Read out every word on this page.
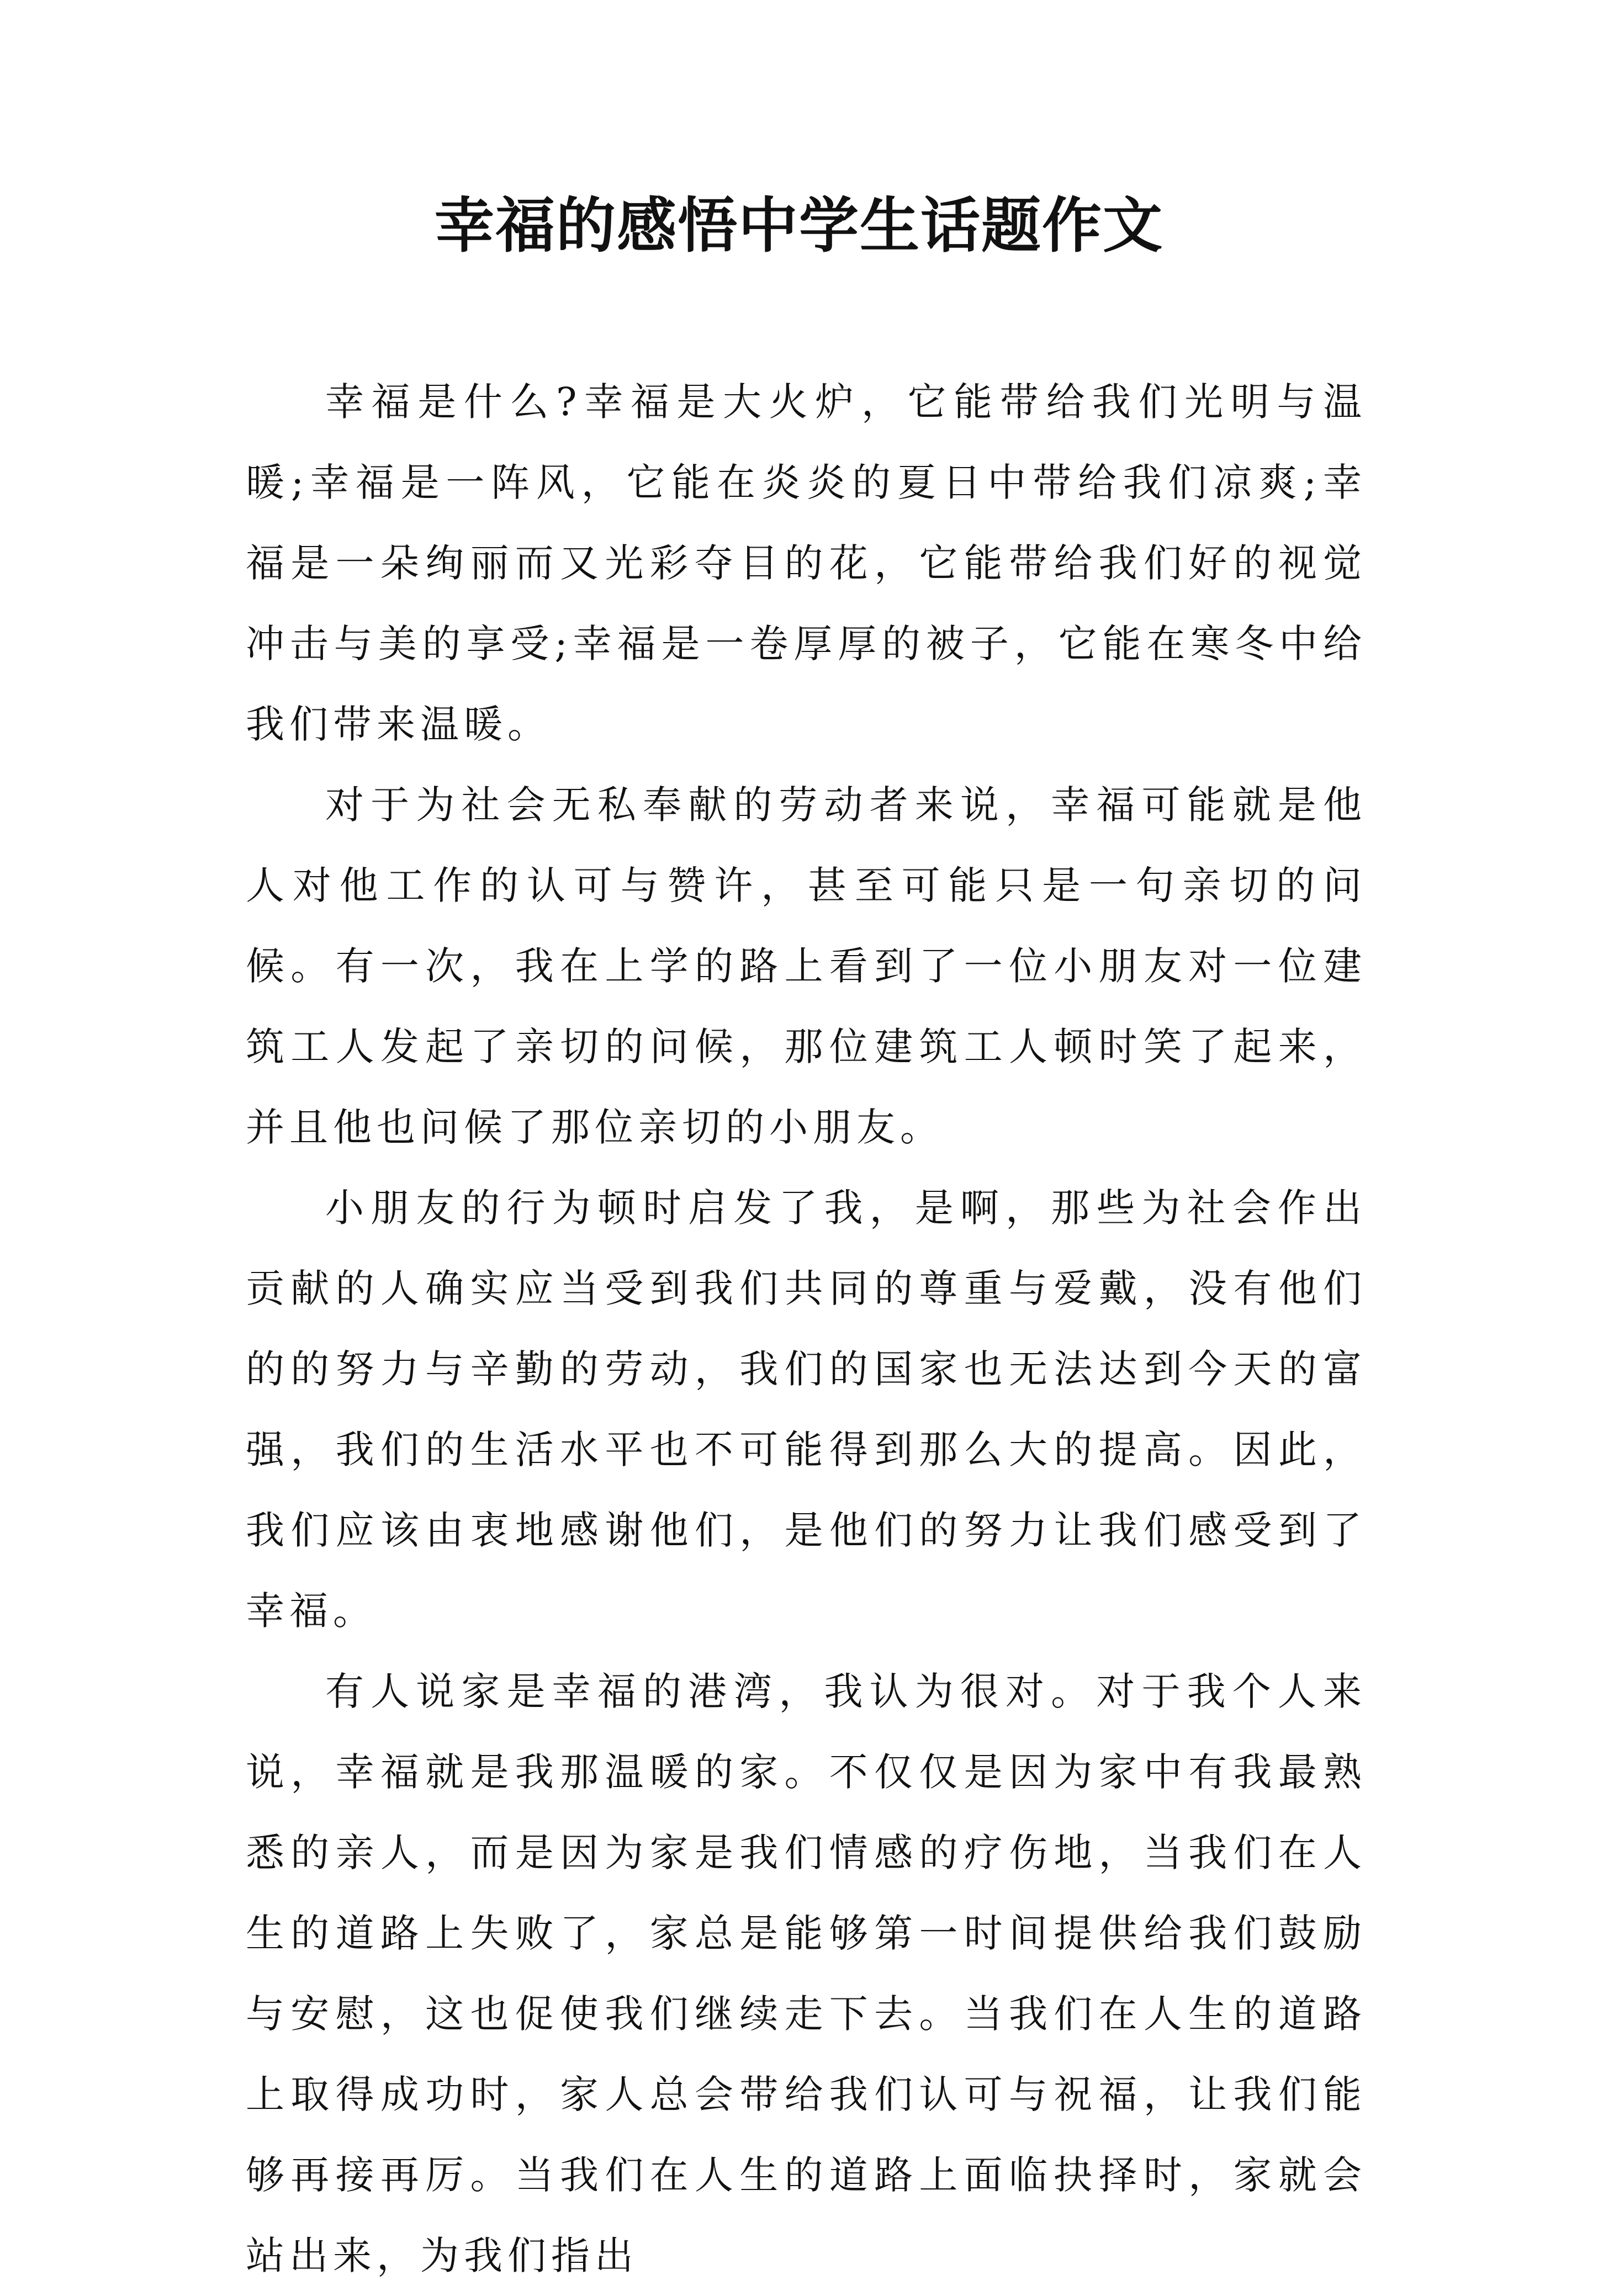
幸福的感悟中学生话题作文

幸福是什么?幸福是大火炉，它能带给我们光明与温暖;幸福是一阵风，它能在炎炎的夏日中带给我们凉爽;幸福是一朵绚丽而又光彩夺目的花，它能带给我们好的视觉冲击与美的享受;幸福是一卷厚厚的被子，它能在寒冬中给我们带来温暖。

对于为社会无私奉献的劳动者来说，幸福可能就是他人对他工作的认可与赞许，甚至可能只是一句亲切的问候。有一次，我在上学的路上看到了一位小朋友对一位建筑工人发起了亲切的问候，那位建筑工人顿时笑了起来，并且他也问候了那位亲切的小朋友。

小朋友的行为顿时启发了我，是啊，那些为社会作出贡献的人确实应当受到我们共同的尊重与爱戴，没有他们的的努力与辛勤的劳动，我们的国家也无法达到今天的富强，我们的生活水平也不可能得到那么大的提高。因此，我们应该由衷地感谢他们，是他们的努力让我们感受到了幸福。

有人说家是幸福的港湾，我认为很对。对于我个人来说，幸福就是我那温暖的家。不仅仅是因为家中有我最熟悉的亲人，而是因为家是我们情感的疗伤地，当我们在人生的道路上失败了，家总是能够第一时间提供给我们鼓励与安慰，这也促使我们继续走下去。当我们在人生的道路上取得成功时，家人总会带给我们认可与祝福，让我们能够再接再厉。当我们在人生的道路上面临抉择时，家就会站出来，为我们指出
